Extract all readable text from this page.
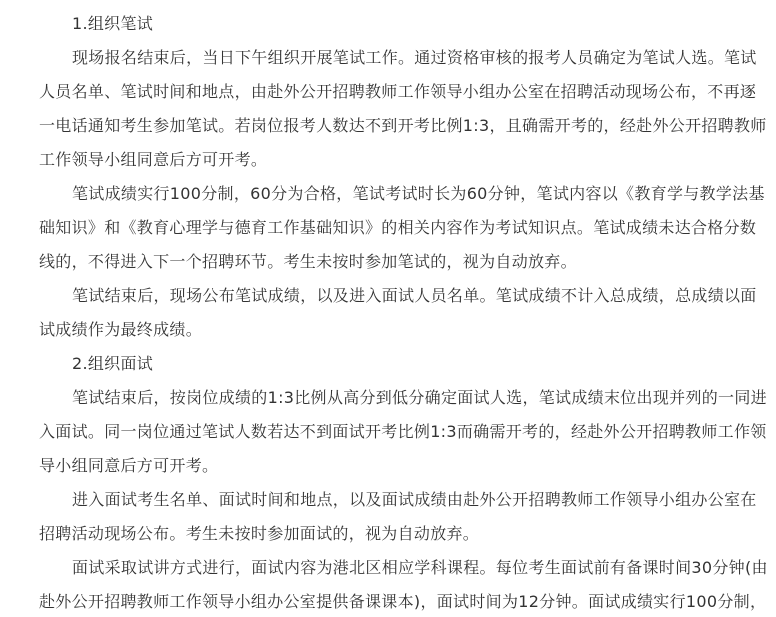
1.组织笔试
现场报名结束后，当日下午组织开展笔试工作。通过资格审核的报考人员确定为笔试人选。笔试
人员名单、笔试时间和地点，由赴外公开招聘教师工作领导小组办公室在招聘活动现场公布，不再逐
一电话通知考生参加笔试。若岗位报考人数达不到开考比例1:3，且确需开考的，经赴外公开招聘教师
工作领导小组同意后方可开考。
笔试成绩实行100分制，60分为合格，笔试考试时长为60分钟，笔试内容以《教育学与教学法基
础知识》和《教育心理学与德育工作基础知识》的相关内容作为考试知识点。笔试成绩未达合格分数
线的，不得进入下一个招聘环节。考生未按时参加笔试的，视为自动放弃。
笔试结束后，现场公布笔试成绩，以及进入面试人员名单。笔试成绩不计入总成绩，总成绩以面
试成绩作为最终成绩。
2.组织面试
笔试结束后，按岗位成绩的1:3比例从高分到低分确定面试人选，笔试成绩末位出现并列的一同进
入面试。同一岗位通过笔试人数若达不到面试开考比例1:3而确需开考的，经赴外公开招聘教师工作领
导小组同意后方可开考。
进入面试考生名单、面试时间和地点，以及面试成绩由赴外公开招聘教师工作领导小组办公室在
招聘活动现场公布。考生未按时参加面试的，视为自动放弃。
面试采取试讲方式进行，面试内容为港北区相应学科课程。每位考生面试前有备课时间30分钟(由
赴外公开招聘教师工作领导小组办公室提供备课课本)，面试时间为12分钟。面试成绩实行100分制，
